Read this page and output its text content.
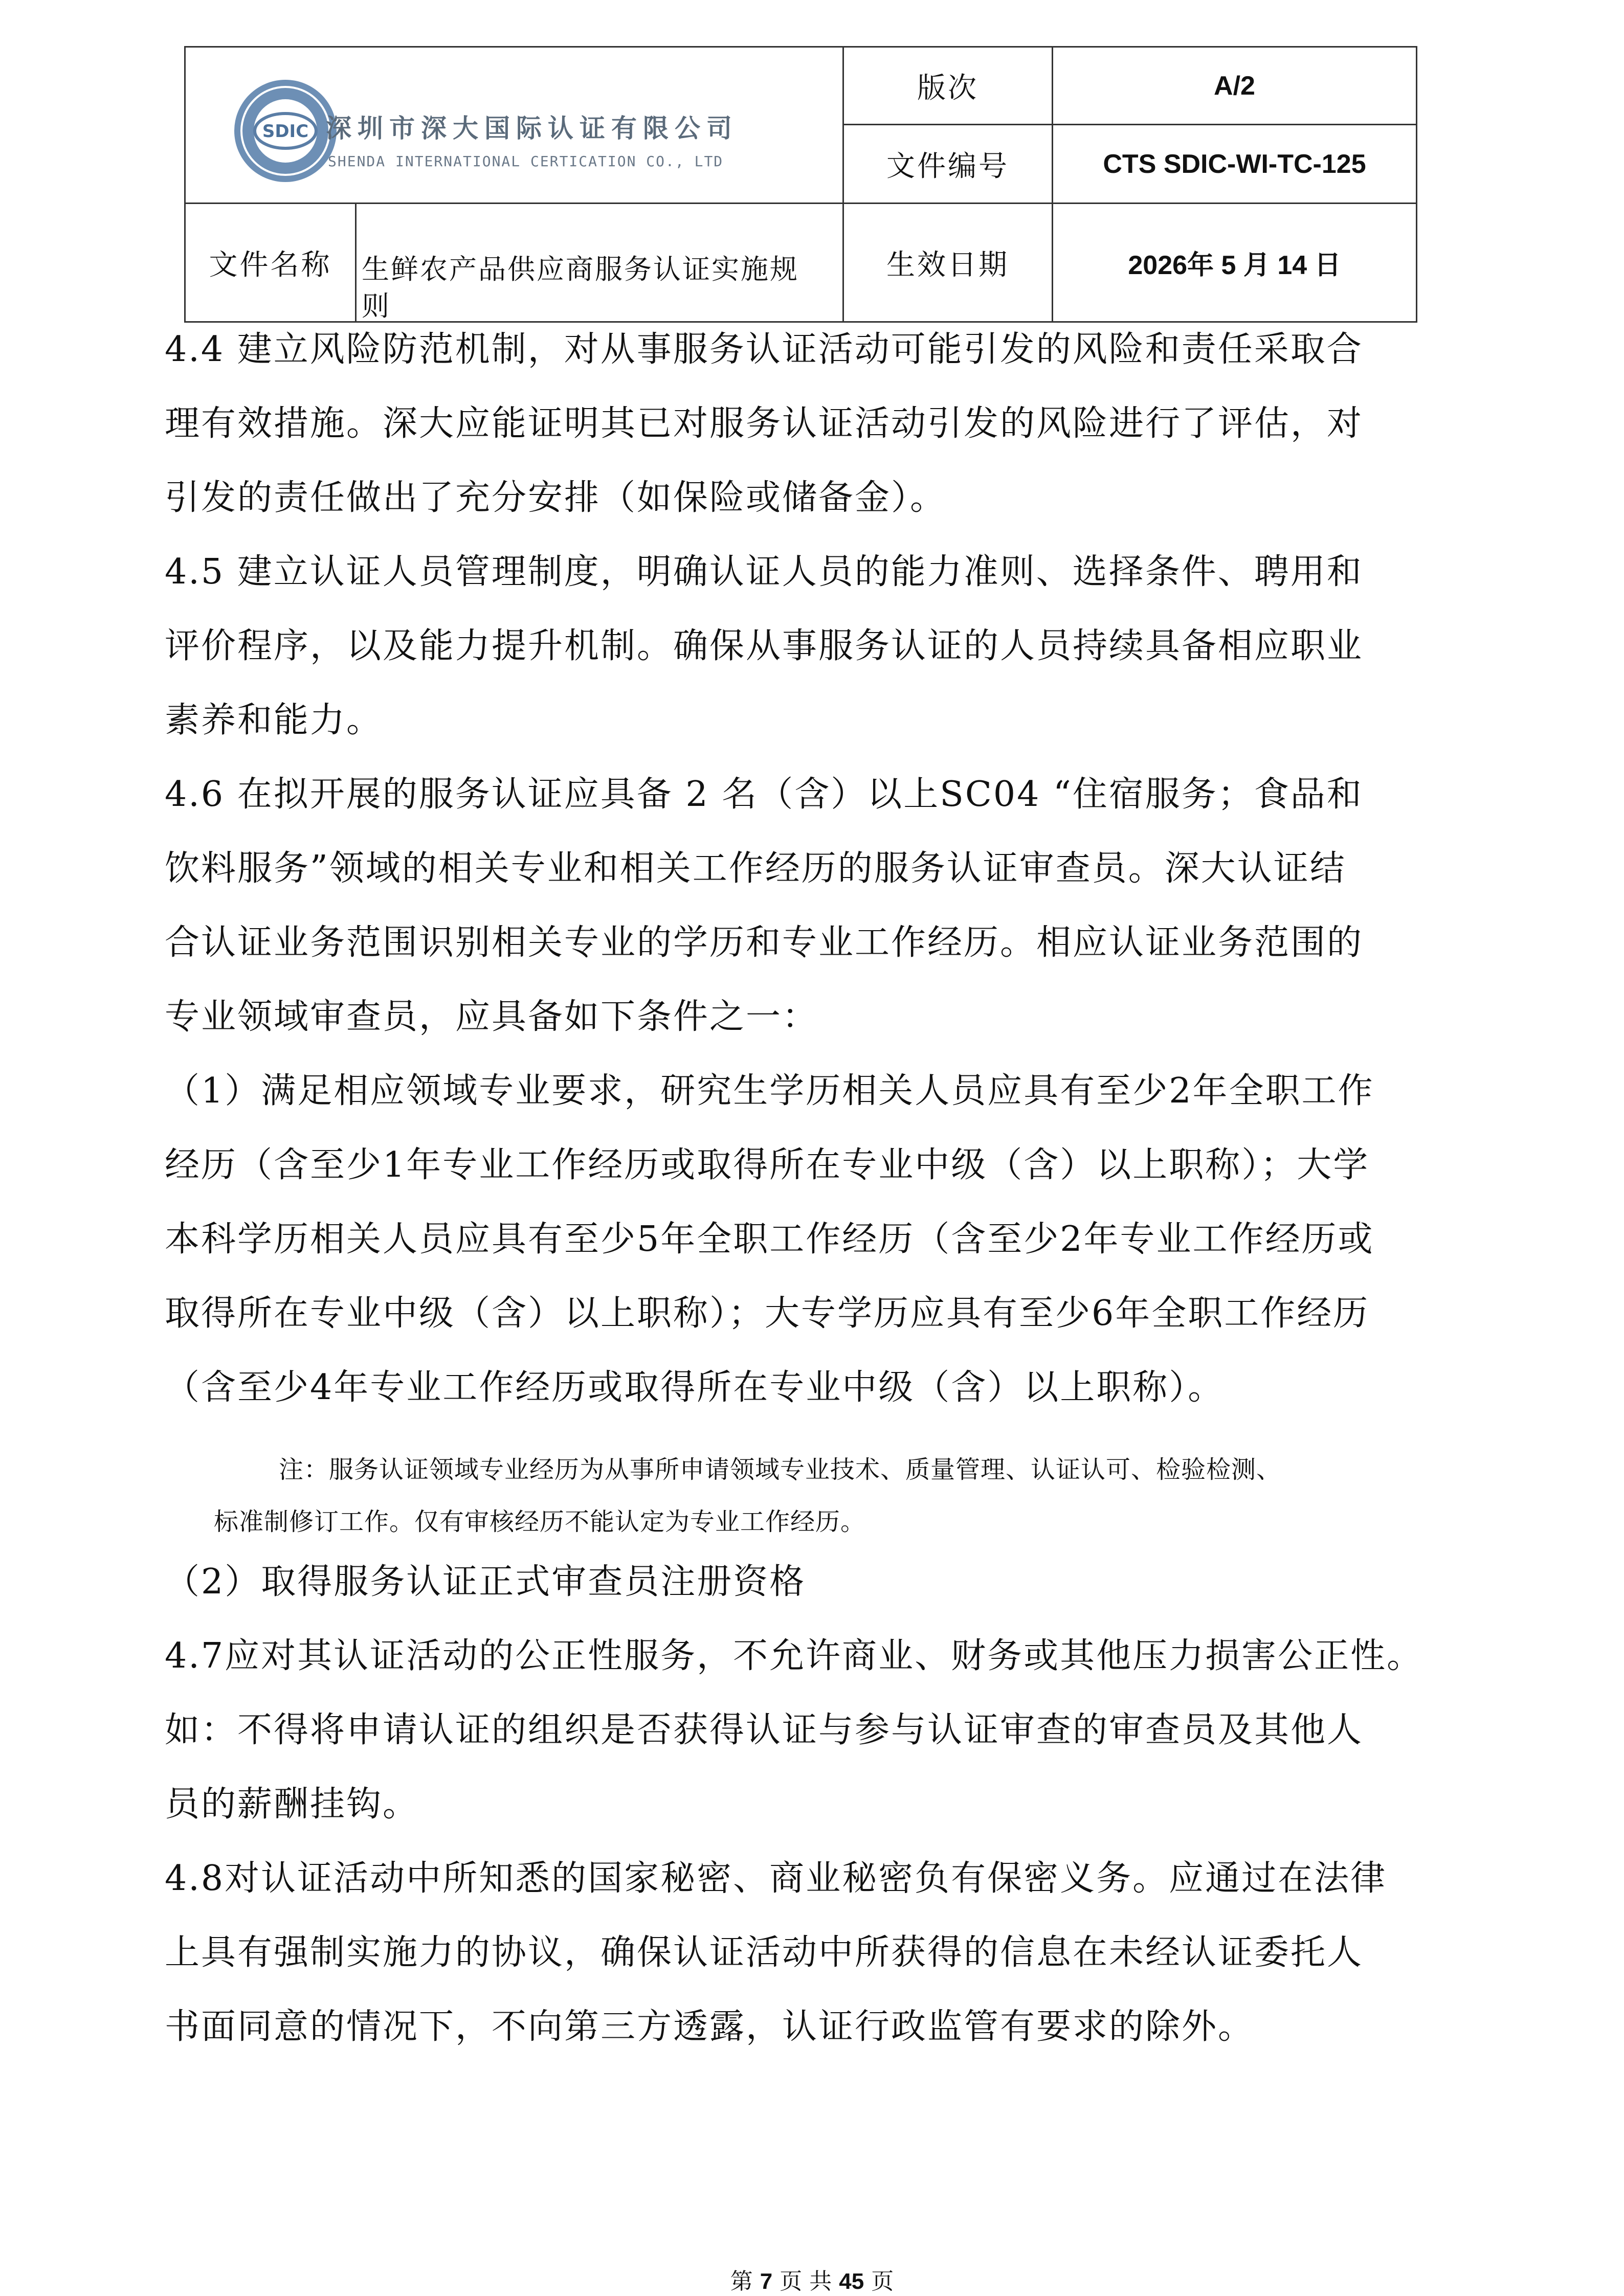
SDIC 深圳市深大国际认证有限公司
SHENDA INTERNATIONAL CERTICATION CO., LTD		版次	A/2
		文件编号	CTS SDIC-WI-TC-125
文件名称	生鲜农产品供应商服务认证实施规则	生效日期	2026年 5 月 14 日
4.4 建立风险防范机制，对从事服务认证活动可能引发的风险和责任采取合
理有效措施。深大应能证明其已对服务认证活动引发的风险进行了评估，对
引发的责任做出了充分安排（如保险或储备金）。
4.5 建立认证人员管理制度，明确认证人员的能力准则、选择条件、聘用和
评价程序，以及能力提升机制。确保从事服务认证的人员持续具备相应职业
素养和能力。
4.6 在拟开展的服务认证应具备 2 名（含）以上SC04 “住宿服务；食品和
饮料服务”领域的相关专业和相关工作经历的服务认证审查员。深大认证结
合认证业务范围识别相关专业的学历和专业工作经历。相应认证业务范围的
专业领域审查员，应具备如下条件之一：
（1）满足相应领域专业要求，研究生学历相关人员应具有至少2年全职工作
经历（含至少1年专业工作经历或取得所在专业中级（含）以上职称）；大学
本科学历相关人员应具有至少5年全职工作经历（含至少2年专业工作经历或
取得所在专业中级（含）以上职称）；大专学历应具有至少6年全职工作经历
（含至少4年专业工作经历或取得所在专业中级（含）以上职称）。
注：服务认证领域专业经历为从事所申请领域专业技术、质量管理、认证认可、检验检测、
标准制修订工作。仅有审核经历不能认定为专业工作经历。
（2）取得服务认证正式审查员注册资格
4.7应对其认证活动的公正性服务，不允许商业、财务或其他压力损害公正性。
如：不得将申请认证的组织是否获得认证与参与认证审查的审查员及其他人
员的薪酬挂钩。
4.8对认证活动中所知悉的国家秘密、商业秘密负有保密义务。应通过在法律
上具有强制实施力的协议，确保认证活动中所获得的信息在未经认证委托人
书面同意的情况下，不向第三方透露，认证行政监管有要求的除外。
第 7 页 共 45 页
